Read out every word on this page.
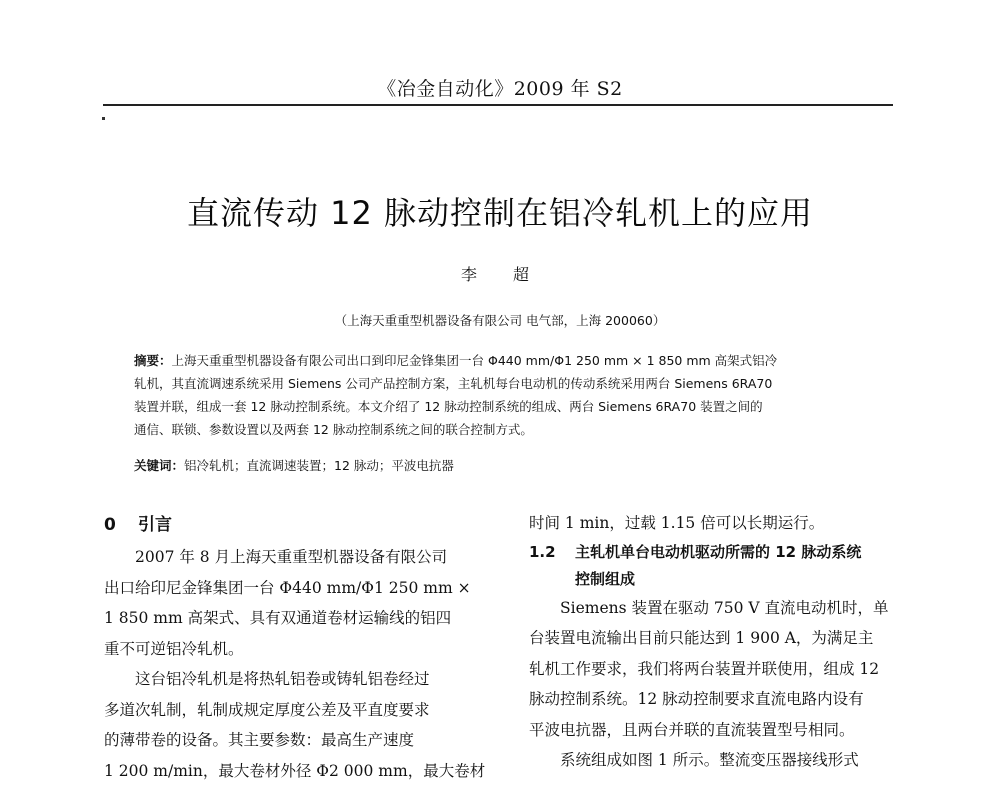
《冶金自动化》2009 年 S2
直流传动 12 脉动控制在铝冷轧机上的应用
李　超
（上海天重重型机器设备有限公司 电气部，上海 200060）
摘要：上海天重重型机器设备有限公司出口到印尼金锋集团一台 Φ440 mm/Φ1 250 mm × 1 850 mm 高架式铝冷
轧机，其直流调速系统采用 Siemens 公司产品控制方案，主轧机每台电动机的传动系统采用两台 Siemens 6RA70
装置并联，组成一套 12 脉动控制系统。本文介绍了 12 脉动控制系统的组成、两台 Siemens 6RA70 装置之间的
通信、联锁、参数设置以及两套 12 脉动控制系统之间的联合控制方式。
关键词：铝冷轧机；直流调速装置；12 脉动；平波电抗器
0 引言
2007 年 8 月上海天重重型机器设备有限公司
出口给印尼金锋集团一台 Φ440 mm/Φ1 250 mm ×
1 850 mm 高架式、具有双通道卷材运输线的铝四
重不可逆铝冷轧机。
这台铝冷轧机是将热轧铝卷或铸轧铝卷经过
多道次轧制，轧制成规定厚度公差及平直度要求
的薄带卷的设备。其主要参数：最高生产速度
1 200 m/min，最大卷材外径 Φ2 000 mm，最大卷材
时间 1 min，过载 1.15 倍可以长期运行。
1.2 主轧机单台电动机驱动所需的 12 脉动系统
控制组成
Siemens 装置在驱动 750 V 直流电动机时，单
台装置电流输出目前只能达到 1 900 A，为满足主
轧机工作要求，我们将两台装置并联使用，组成 12
脉动控制系统。12 脉动控制要求直流电路内设有
平波电抗器，且两台并联的直流装置型号相同。
系统组成如图 1 所示。整流变压器接线形式
